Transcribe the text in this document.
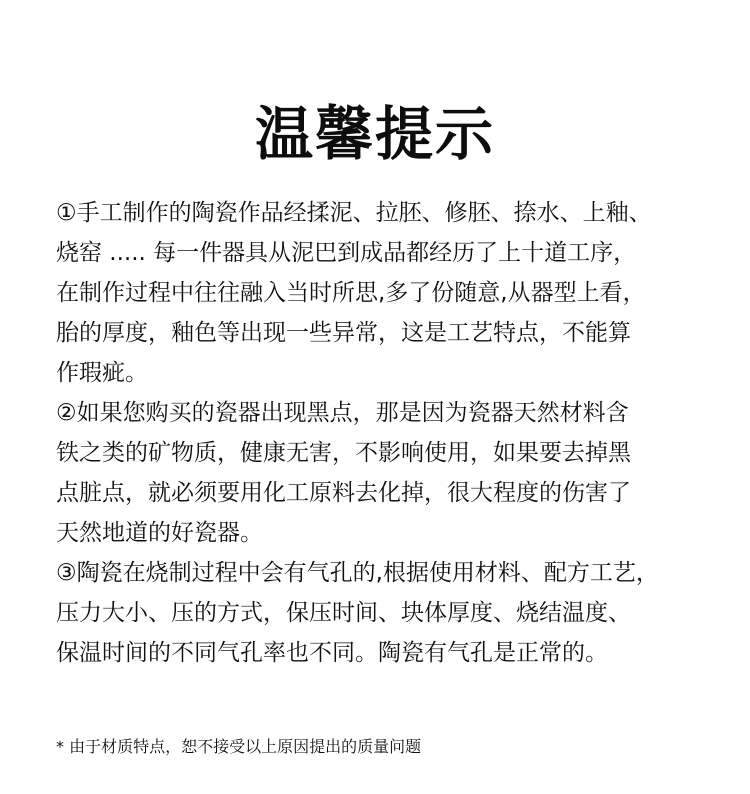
温馨提示
①手工制作的陶瓷作品经揉泥、拉胚、修胚、捺水、上釉、
烧窑 ..... 每一件器具从泥巴到成品都经历了上十道工序，
在制作过程中往往融入当时所思,多了份随意,从器型上看，
胎的厚度，釉色等出现一些异常，这是工艺特点，不能算
作瑕疵。
②如果您购买的瓷器出现黑点，那是因为瓷器天然材料含
铁之类的矿物质，健康无害，不影响使用，如果要去掉黑
点脏点，就必须要用化工原料去化掉，很大程度的伤害了
天然地道的好瓷器。
③陶瓷在烧制过程中会有气孔的,根据使用材料、配方工艺，
压力大小、压的方式，保压时间、块体厚度、烧结温度、
保温时间的不同气孔率也不同。陶瓷有气孔是正常的。
* 由于材质特点，恕不接受以上原因提出的质量问题
